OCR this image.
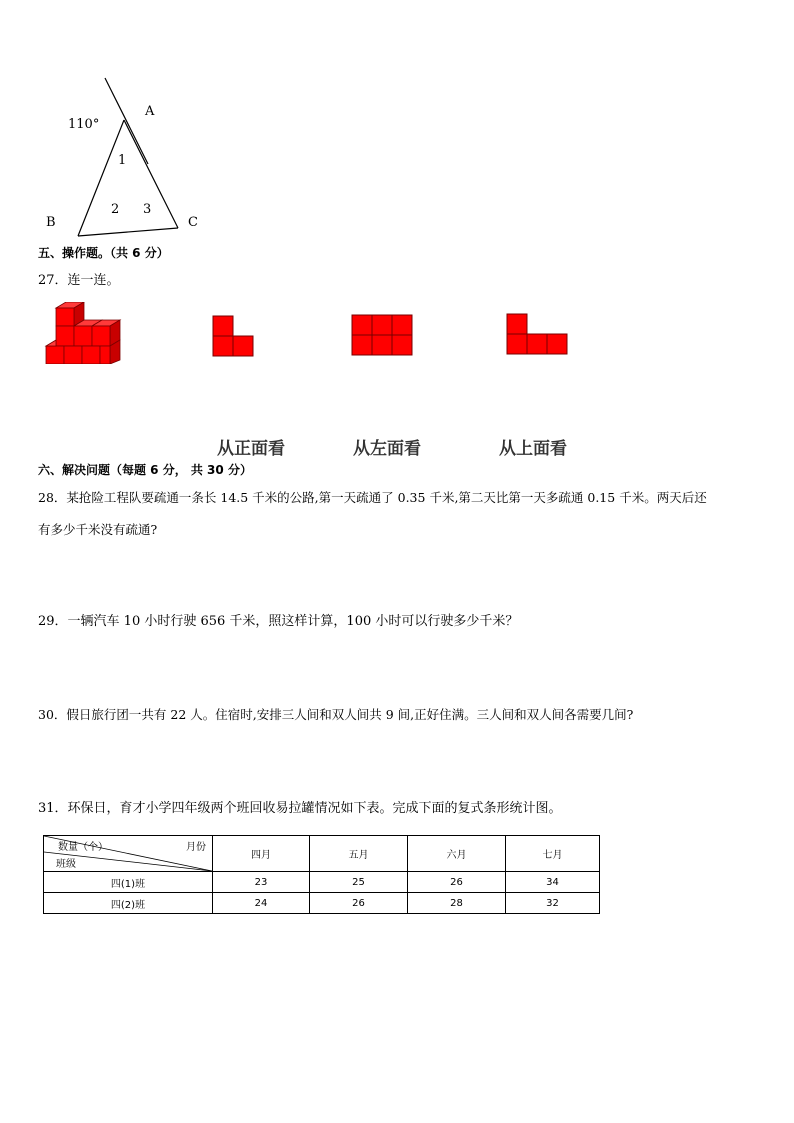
110°
A
B	C
1
2 3
五、操作题。（共 6 分）
27．连一连。
从正面看	从左面看	从上面看
六、解决问题（每题 6 分， 共 30 分）
28．某抢险工程队要疏通一条长 14.5 千米的公路,第一天疏通了 0.35 千米,第二天比第一天多疏通 0.15 千米。两天后还
有多少千米没有疏通?
29．一辆汽车 10 小时行驶 656 千米，照这样计算，100 小时可以行驶多少千米？
30．假日旅行团一共有 22 人。住宿时,安排三人间和双人间共 9 间,正好住满。三人间和双人间各需要几间?
31．环保日，育才小学四年级两个班回收易拉罐情况如下表。完成下面的复式条形统计图。
数量（个） 月份
班级	四月	五月	六月	七月
四(1)班	23	25	26	34
四(2)班	24	26	28	32
